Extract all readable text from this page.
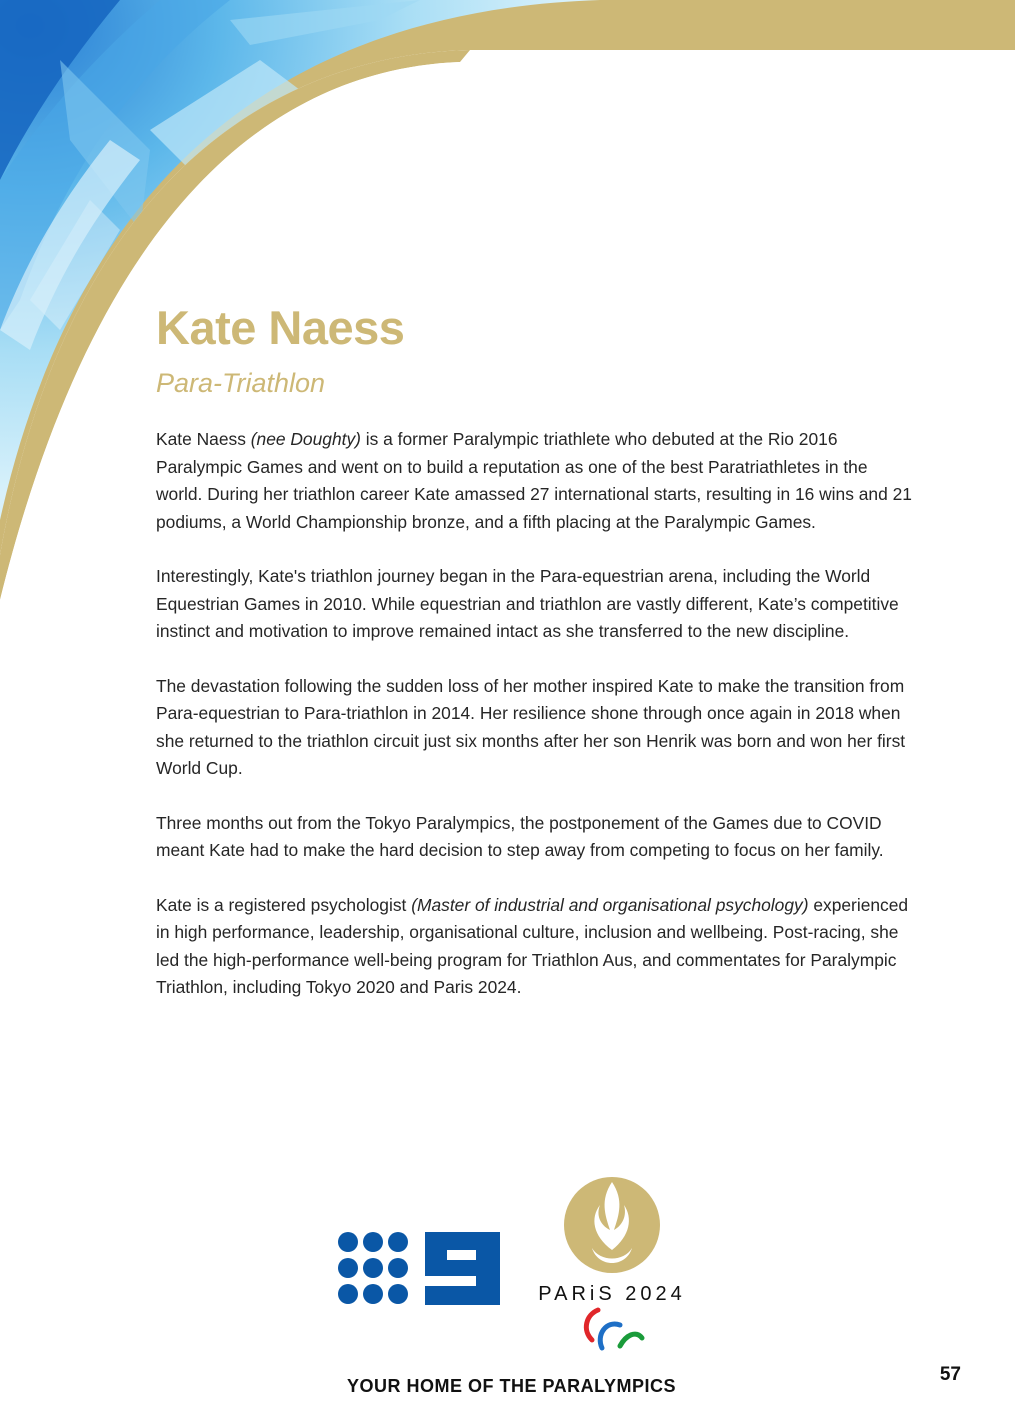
Kate Naess
Para-Triathlon

Kate Naess (nee Doughty) is a former Paralympic triathlete who debuted at the Rio 2016 Paralympic Games and went on to build a reputation as one of the best Paratriathletes in the world. During her triathlon career Kate amassed 27 international starts, resulting in 16 wins and 21 podiums, a World Championship bronze, and a fifth placing at the Paralympic Games.

Interestingly, Kate's triathlon journey began in the Para-equestrian arena, including the World Equestrian Games in 2010. While equestrian and triathlon are vastly different, Kate’s competitive instinct and motivation to improve remained intact as she transferred to the new discipline.

The devastation following the sudden loss of her mother inspired Kate to make the transition from Para-equestrian to Para-triathlon in 2014. Her resilience shone through once again in 2018 when she returned to the triathlon circuit just six months after her son Henrik was born and won her first World Cup.

Three months out from the Tokyo Paralympics, the postponement of the Games due to COVID meant Kate had to make the hard decision to step away from competing to focus on her family.

Kate is a registered psychologist (Master of industrial and organisational psychology) experienced in high performance, leadership, organisational culture, inclusion and wellbeing. Post-racing, she led the high-performance well-being program for Triathlon Aus, and commentates for Paralympic Triathlon, including Tokyo 2020 and Paris 2024.

PARiS 2024
YOUR HOME OF THE PARALYMPICS
57
